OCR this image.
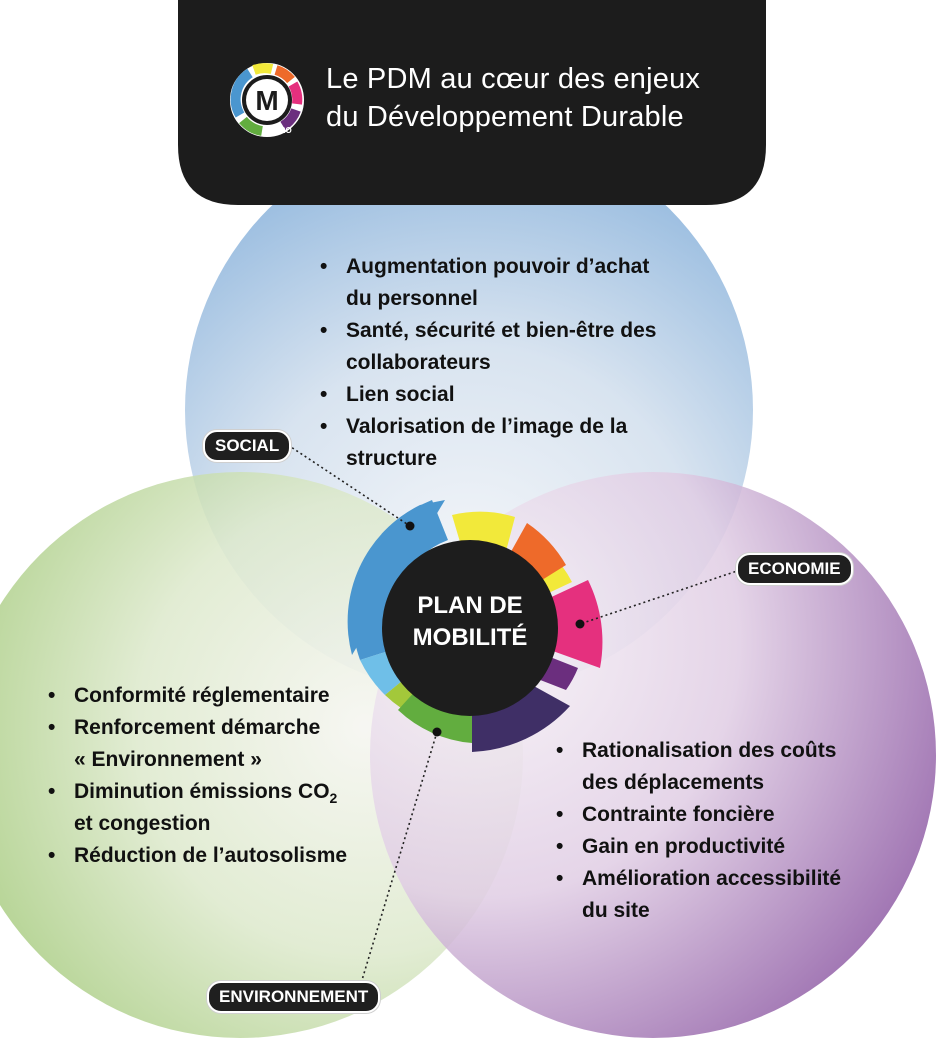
M
PRO
Le PDM au cœur des enjeux
du Développement Durable
• Augmentation pouvoir d’achat
du personnel
• Santé, sécurité et bien-être des
collaborateurs
• Lien social
• Valorisation de l’image de la
structure
• Conformité réglementaire
• Renforcement démarche
« Environnement »
• Diminution émissions $CO_2$
et congestion
• Réduction de l’autosolisme
• Rationalisation des coûts
des déplacements
• Contrainte foncière
• Gain en productivité
• Amélioration accessibilité
du site
PLAN DE
MOBILITÉ
SOCIAL
ECONOMIE
ENVIRONNEMENT
